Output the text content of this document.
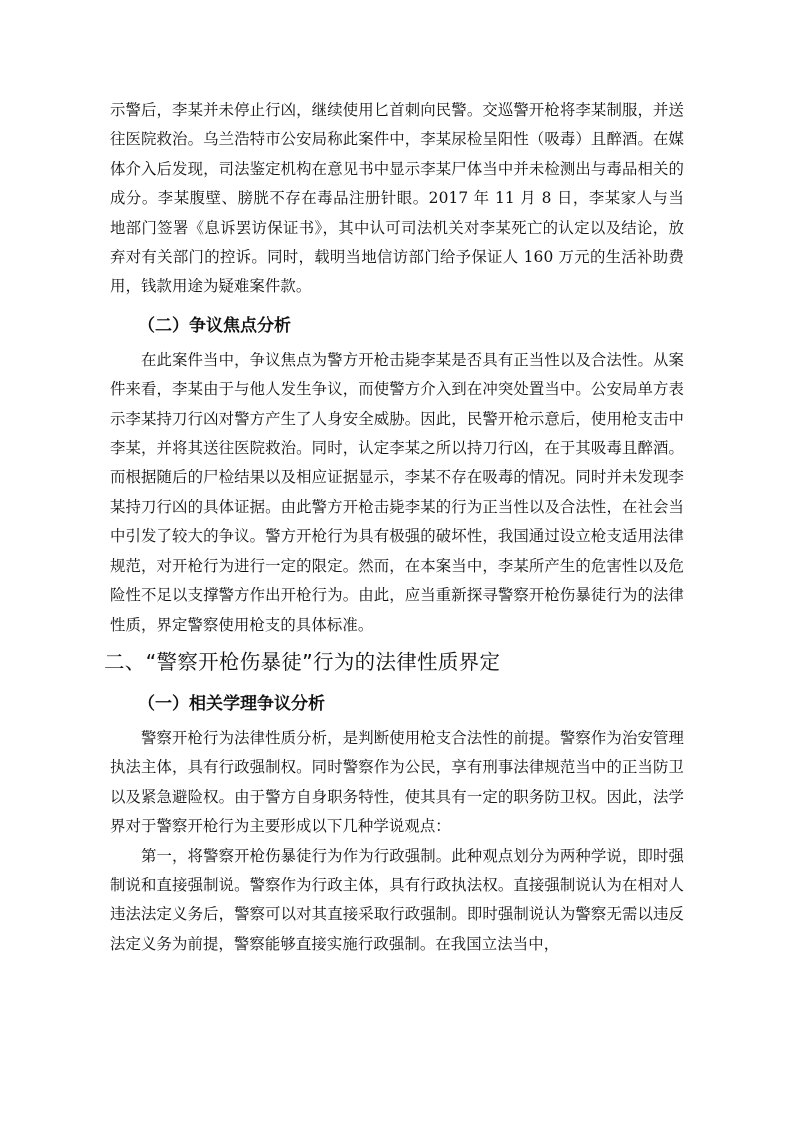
示警后，李某并未停止行凶，继续使用匕首刺向民警。交巡警开枪将李某制服，并送往医院救治。乌兰浩特市公安局称此案件中，李某尿检呈阳性（吸毒）且醉酒。在媒体介入后发现，司法鉴定机构在意见书中显示李某尸体当中并未检测出与毒品相关的成分。李某腹壁、膀胱不存在毒品注册针眼。2017 年 11 月 8 日，李某家人与当地部门签署《息诉罢访保证书》，其中认可司法机关对李某死亡的认定以及结论，放弃对有关部门的控诉。同时，载明当地信访部门给予保证人 160 万元的生活补助费用，钱款用途为疑难案件款。

（二）争议焦点分析

在此案件当中，争议焦点为警方开枪击毙李某是否具有正当性以及合法性。从案件来看，李某由于与他人发生争议，而使警方介入到在冲突处置当中。公安局单方表示李某持刀行凶对警方产生了人身安全威胁。因此，民警开枪示意后，使用枪支击中李某，并将其送往医院救治。同时，认定李某之所以持刀行凶，在于其吸毒且醉酒。而根据随后的尸检结果以及相应证据显示，李某不存在吸毒的情况。同时并未发现李某持刀行凶的具体证据。由此警方开枪击毙李某的行为正当性以及合法性，在社会当中引发了较大的争议。警方开枪行为具有极强的破坏性，我国通过设立枪支适用法律规范，对开枪行为进行一定的限定。然而，在本案当中，李某所产生的危害性以及危险性不足以支撑警方作出开枪行为。由此，应当重新探寻警察开枪伤暴徒行为的法律性质，界定警察使用枪支的具体标准。

二、“警察开枪伤暴徒”行为的法律性质界定
（一）相关学理争议分析

警察开枪行为法律性质分析，是判断使用枪支合法性的前提。警察作为治安管理执法主体，具有行政强制权。同时警察作为公民，享有刑事法律规范当中的正当防卫以及紧急避险权。由于警方自身职务特性，使其具有一定的职务防卫权。因此，法学界对于警察开枪行为主要形成以下几种学说观点：

第一，将警察开枪伤暴徒行为作为行政强制。此种观点划分为两种学说，即时强制说和直接强制说。警察作为行政主体，具有行政执法权。直接强制说认为在相对人违法法定义务后，警察可以对其直接采取行政强制。即时强制说认为警察无需以违反法定义务为前提，警察能够直接实施行政强制。在我国立法当中，
